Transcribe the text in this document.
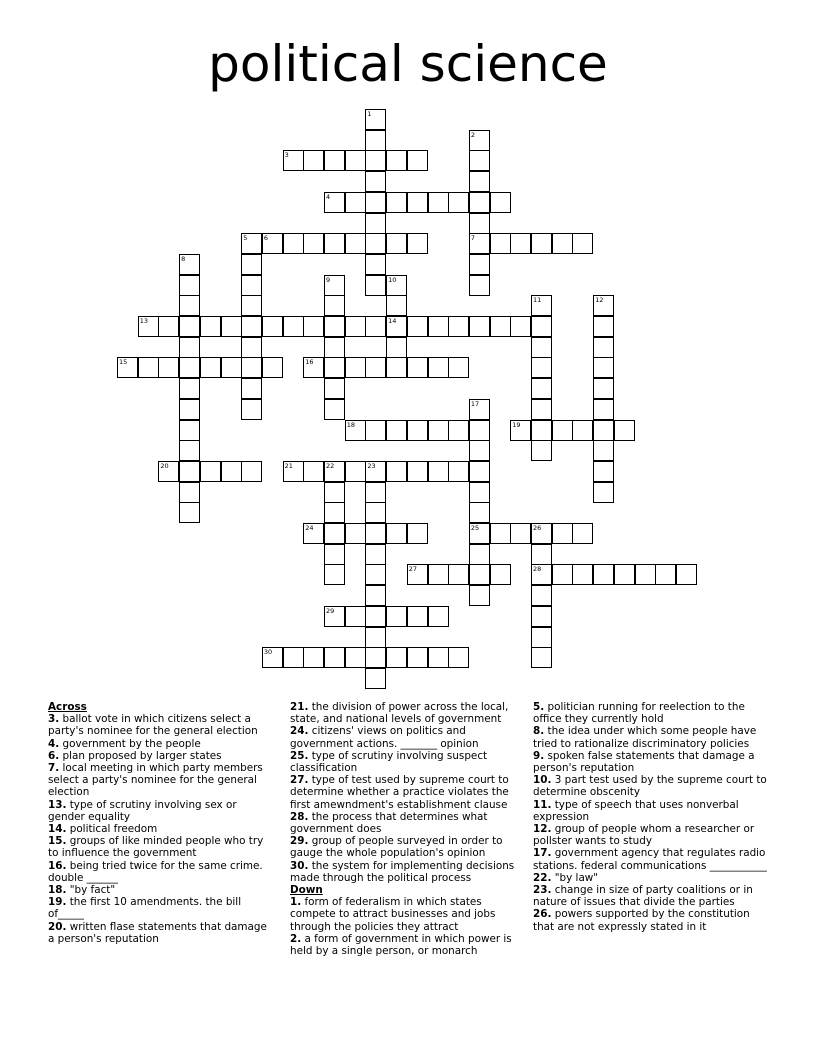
political science
1
2
7
3
4
5	6
8
9	10
14
11	12
13
15	16
17
25
18	19
20	21	22	23
24	26
28
27
29
30
Across
3. ballot vote in which citizens select a party's nominee for the general election
4. government by the people
6. plan proposed by larger states
7. local meeting in which party members select a party's nominee for the general election
13. type of scrutiny involving sex or gender equality
14. political freedom
15. groups of like minded people who try to influence the government
16. being tried twice for the same crime. double ______
18. "by fact"
19. the first 10 amendments. the bill of_____
20. written flase statements that damage a person's reputation
21. the division of power across the local, state, and national levels of government
24. citizens' views on politics and government actions. _______ opinion
25. type of scrutiny involving suspect classification
27. type of test used by supreme court to determine whether a practice violates the first amewndment's establishment clause
28. the process that determines what government does
29. group of people surveyed in order to gauge the whole population's opinion
30. the system for implementing decisions made through the political process
Down
1. form of federalism in which states compete to attract businesses and jobs through the policies they attract
2. a form of government in which power is held by a single person, or monarch
5. politician running for reelection to the office they currently hold
8. the idea under which some people have tried to rationalize discriminatory policies
9. spoken false statements that damage a person's reputation
10. 3 part test used by the supreme court to determine obscenity
11. type of speech that uses nonverbal expression
12. group of people whom a researcher or pollster wants to study
17. government agency that regulates radio stations. federal communications ___________
22. "by law"
23. change in size of party coalitions or in nature of issues that divide the parties
26. powers supported by the constitution that are not expressly stated in it
